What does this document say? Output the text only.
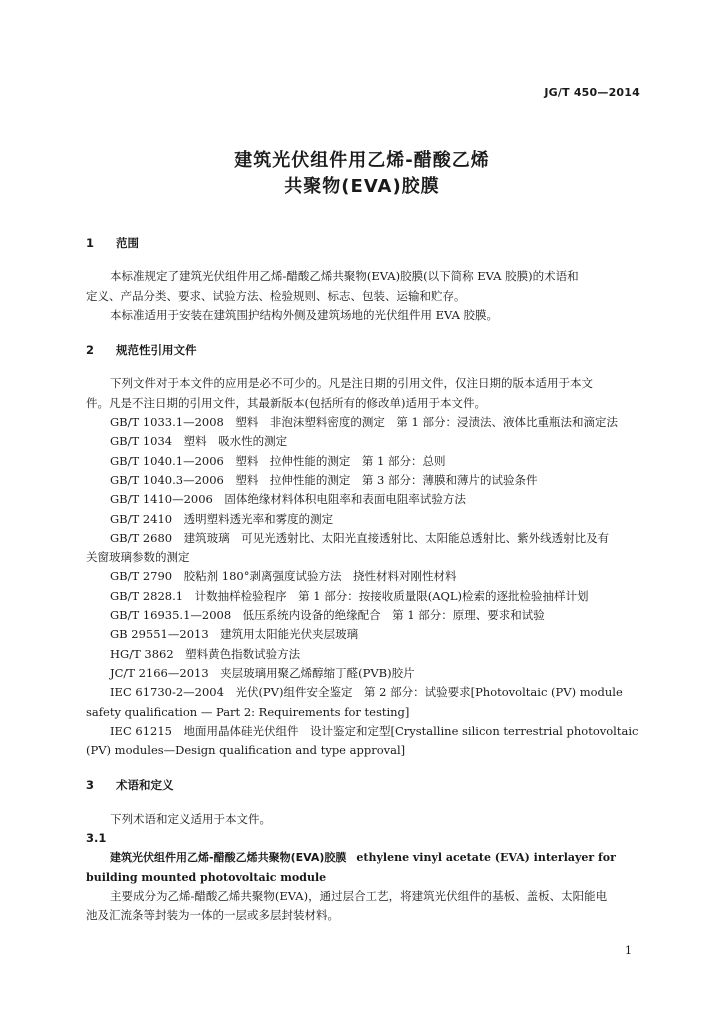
JG/T 450—2014
建筑光伏组件用乙烯-醋酸乙烯
共聚物(EVA)胶膜
1 范围

本标准规定了建筑光伏组件用乙烯-醋酸乙烯共聚物(EVA)胶膜(以下简称 EVA 胶膜)的术语和

定义、产品分类、要求、试验方法、检验规则、标志、包装、运输和贮存。

本标准适用于安装在建筑围护结构外侧及建筑场地的光伏组件用 EVA 胶膜。

2 规范性引用文件

下列文件对于本文件的应用是必不可少的。凡是注日期的引用文件，仅注日期的版本适用于本文

件。凡是不注日期的引用文件，其最新版本(包括所有的修改单)适用于本文件。

GB/T 1033.1—2008　塑料　非泡沫塑料密度的测定　第 1 部分：浸渍法、液体比重瓶法和滴定法

GB/T 1034　塑料　吸水性的测定

GB/T 1040.1—2006　塑料　拉伸性能的测定　第 1 部分：总则

GB/T 1040.3—2006　塑料　拉伸性能的测定　第 3 部分：薄膜和薄片的试验条件

GB/T 1410—2006　固体绝缘材料体积电阻率和表面电阻率试验方法

GB/T 2410　透明塑料透光率和雾度的测定

GB/T 2680　建筑玻璃　可见光透射比、太阳光直接透射比、太阳能总透射比、紫外线透射比及有

关窗玻璃参数的测定

GB/T 2790　胶粘剂 180°剥离强度试验方法　挠性材料对刚性材料

GB/T 2828.1　计数抽样检验程序　第 1 部分：按接收质量限(AQL)检索的逐批检验抽样计划

GB/T 16935.1—2008　低压系统内设备的绝缘配合　第 1 部分：原理、要求和试验

GB 29551—2013　建筑用太阳能光伏夹层玻璃

HG/T 3862　塑料黄色指数试验方法

JC/T 2166—2013　夹层玻璃用聚乙烯醇缩丁醛(PVB)胶片

IEC 61730-2—2004　光伏(PV)组件安全鉴定　第 2 部分：试验要求[Photovoltaic (PV) module

safety qualification — Part 2: Requirements for testing]

IEC 61215　地面用晶体硅光伏组件　设计鉴定和定型[Crystalline silicon terrestrial photovoltaic

(PV) modules—Design qualification and type approval]

3 术语和定义

下列术语和定义适用于本文件。

3.1

建筑光伏组件用乙烯-醋酸乙烯共聚物(EVA)胶膜 ethylene vinyl acetate (EVA) interlayer for

building mounted photovoltaic module

主要成分为乙烯-醋酸乙烯共聚物(EVA)，通过层合工艺，将建筑光伏组件的基板、盖板、太阳能电

池及汇流条等封装为一体的一层或多层封装材料。

1
